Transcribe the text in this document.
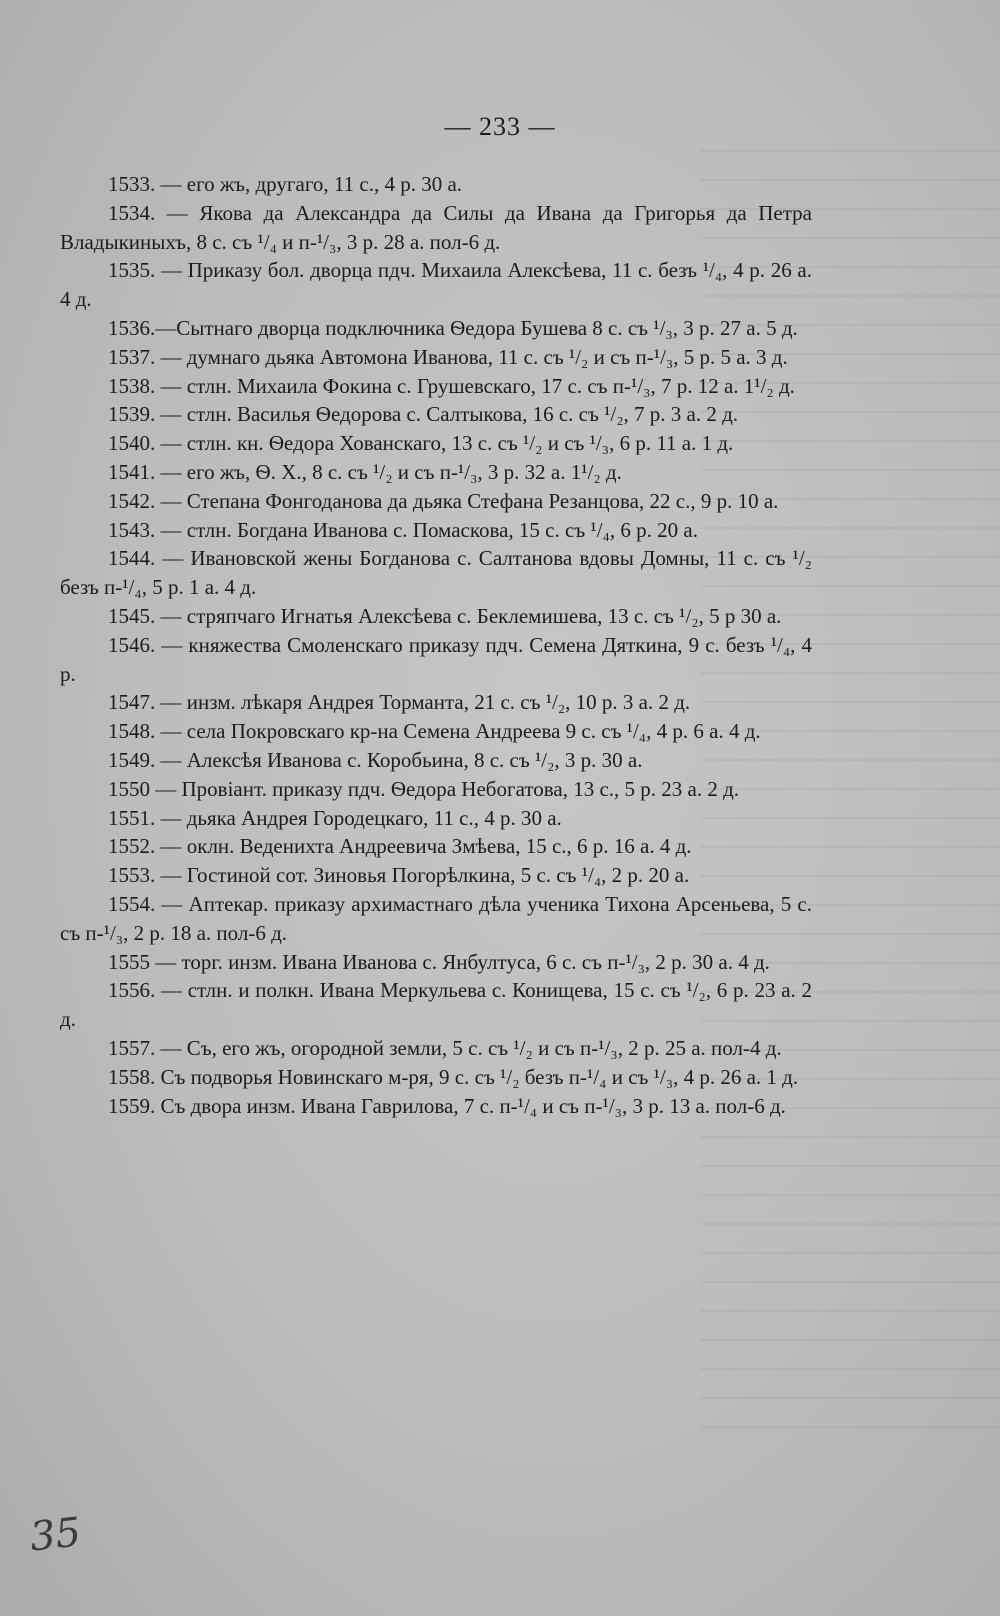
— 233 —

1533. — его жъ, другаго, 11 с., 4 р. 30 а.

1534. — Якова да Александра да Силы да Ивана да Григорья да Петра Владыкиныхъ, 8 с. съ ¹/₄ и п-¹/₃, 3 р. 28 а. пол-6 д.

1535. — Приказу бол. дворца пдч. Михаила Алексѣева, 11 с. безъ ¹/₄, 4 р. 26 а. 4 д.

1536.—Сытнаго дворца подключника Ѳедора Бушева 8 с. съ ¹/₃, 3 р. 27 а. 5 д.

1537. — думнаго дьяка Автомона Иванова, 11 с. съ ¹/₂ и съ п-¹/₃, 5 р. 5 а. 3 д.

1538. — стлн. Михаила Фокина с. Грушевскаго, 17 с. съ п-¹/₃, 7 р. 12 а. 1¹/₂ д.

1539. — стлн. Василья Ѳедорова с. Салтыкова, 16 с. съ ¹/₂, 7 р. 3 а. 2 д.

1540. — стлн. кн. Ѳедора Хованскаго, 13 с. съ ¹/₂ и съ ¹/₃, 6 р. 11 а. 1 д.

1541. — его жъ, Ѳ. Х., 8 с. съ ¹/₂ и съ п-¹/₃, 3 р. 32 а. 1¹/₂ д.

1542. — Степана Фонгоданова да дьяка Стефана Резанцова, 22 с., 9 р. 10 а.

1543. — стлн. Богдана Иванова с. Помаскова, 15 с. съ ¹/₄, 6 р. 20 а.

1544. — Ивановской жены Богданова с. Салтанова вдовы Домны, 11 с. съ ¹/₂ безъ п-¹/₄, 5 р. 1 а. 4 д.

1545. — стряпчаго Игнатья Алексѣева с. Беклемишева, 13 с. съ ¹/₂, 5 р 30 а.

1546. — княжества Смоленскаго приказу пдч. Семена Дяткина, 9 с. безъ ¹/₄, 4 р.

1547. — инзм. лѣкаря Андрея Торманта, 21 с. съ ¹/₂, 10 р. 3 а. 2 д.

1548. — села Покровскаго кр-на Семена Андреева 9 с. съ ¹/₄, 4 р. 6 а. 4 д.

1549. — Алексѣя Иванова с. Коробьина, 8 с. съ ¹/₂, 3 р. 30 а.

1550 — Провіант. приказу пдч. Ѳедора Небогатова, 13 с., 5 р. 23 а. 2 д.

1551. — дьяка Андрея Городецкаго, 11 с., 4 р. 30 а.

1552. — оклн. Веденихта Андреевича Змѣева, 15 с., 6 р. 16 а. 4 д.

1553. — Гостиной сот. Зиновья Погорѣлкина, 5 с. съ ¹/₄, 2 р. 20 а.

1554. — Аптекар. приказу архимастнаго дѣла ученика Тихона Арсеньева, 5 с. съ п-¹/₃, 2 р. 18 а. пол-6 д.

1555 — торг. инзм. Ивана Иванова с. Янбултуса, 6 с. съ п-¹/₃, 2 р. 30 а. 4 д.

1556. — стлн. и полкн. Ивана Меркульева с. Конищева, 15 с. съ ¹/₂, 6 р. 23 а. 2 д.

1557. — Съ, его жъ, огородной земли, 5 с. съ ¹/₂ и съ п-¹/₃, 2 р. 25 а. пол-4 д.

1558. Съ подворья Новинскаго м-ря, 9 с. съ ¹/₂ безъ п-¹/₄ и съ ¹/₃, 4 р. 26 а. 1 д.

1559. Съ двора инзм. Ивана Гаврилова, 7 с. п-¹/₄ и съ п-¹/₃, 3 р. 13 а. пол-6 д.

35
